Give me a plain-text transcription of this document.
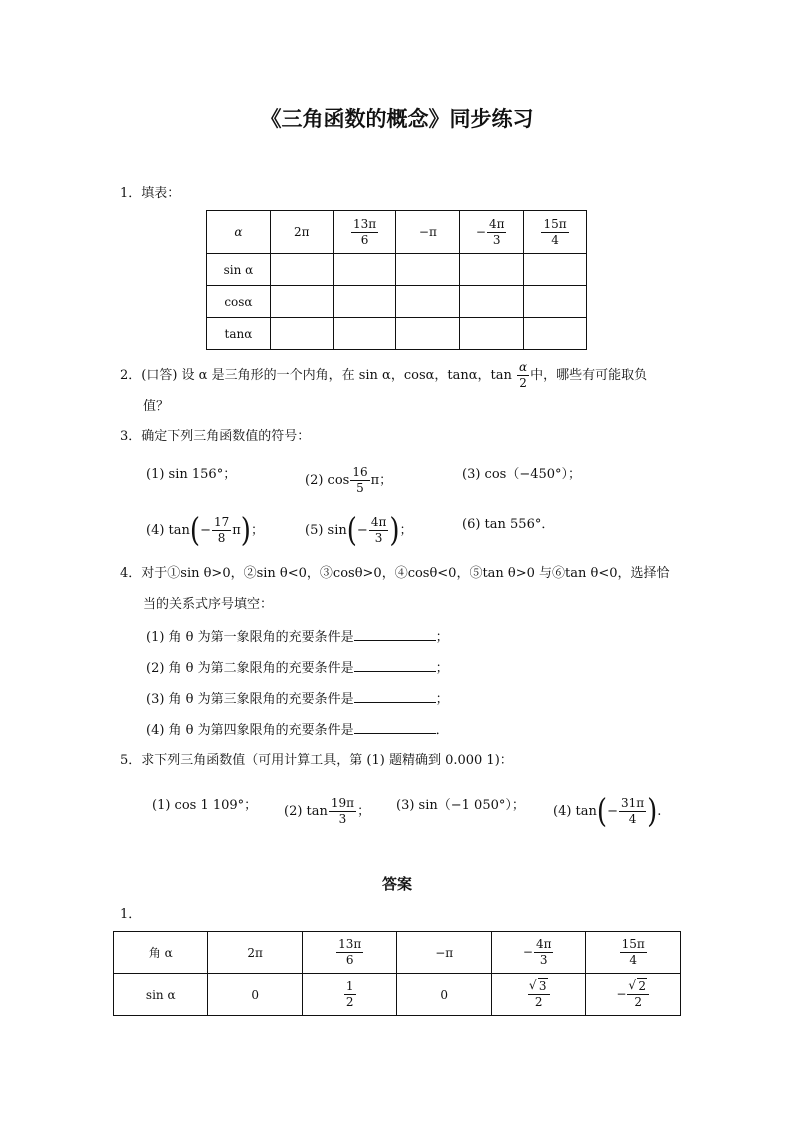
《三角函数的概念》同步练习
1．填表：
α	2π	$\frac{13\pi}{6}$	−π	− $\frac{4\pi}{3}$	$\frac{15\pi}{4}$

sin α					
cosα					
tanα					
2．(口答) 设 α 是三角形的一个内角，在 sin α，cosα，tanα，$\tan \frac{\alpha}{2}$ 中，哪些有可能取负
值？
3．确定下列三角函数值的符号：
(1) sin 156°；	(2) $\cos \frac{16}{5}$ π；	(3) cos（−450°）；
(4) $\tan(- \frac{17}{8} \pi)$；	(5) $\sin(- \frac{4\pi}{3}$ )；	(6) tan 556°．
4．对于①sin θ>0，②sin θ<0，③cosθ>0，④cosθ<0，⑤tan θ>0 与⑥tan θ<0，选择恰
当的关系式序号填空：
(1) 角 θ 为第一象限角的充要条件是	；
(2) 角 θ 为第二象限角的充要条件是	；
(3) 角 θ 为第三象限角的充要条件是	；
(4) 角 θ 为第四象限角的充要条件是	．
5．求下列三角函数值（可用计算工具，第 (1) 题精确到 0.000 1)：
(1) cos 1 109°； (2) $\tan \frac{19\pi}{3}$ ； (3) sin（−1 050°）； (4) $\tan(- \frac{31\pi}{4}$ ).
答案
1．
角 α	2π	$\frac{13\pi}{6}$	−π	− $\frac{4\pi}{3}$	$\frac{15\pi}{4}$

sin α	0	$\frac{1}{2}$	0	√ $\frac{3}{2}$	− √ $\frac{2}{2}$
